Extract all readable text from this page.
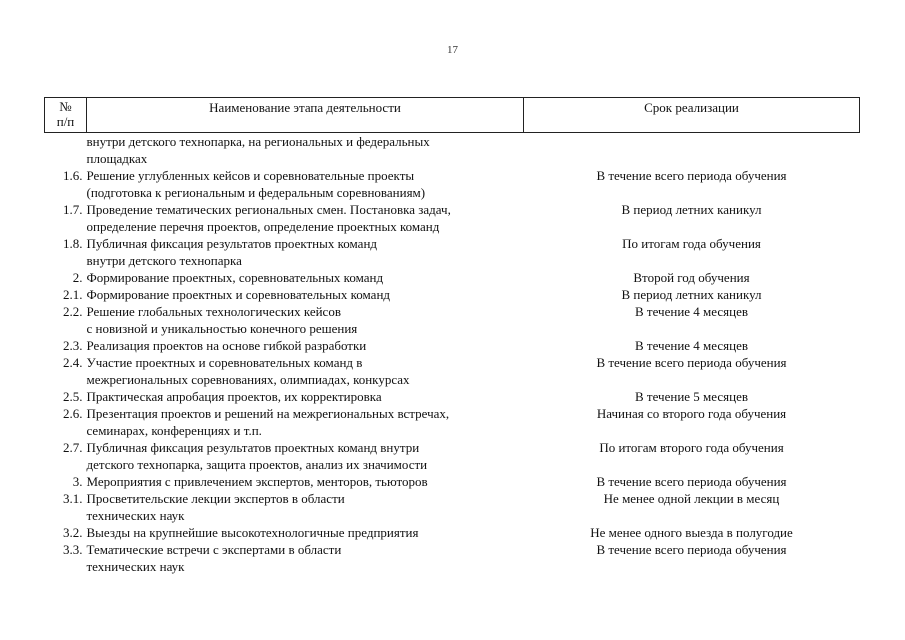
17
№
п/п	Наименование этапа деятельности	Срок реализации
	внутри детского технопарка, на региональных и федеральных
площадках	
1.6.	Решение углубленных кейсов и соревновательные проекты
(подготовка к региональным и федеральным соревнованиям)	В течение всего периода обучения
1.7.	Проведение тематических региональных смен. Постановка задач,
определение перечня проектов, определение проектных команд	В период летних каникул
1.8.	Публичная фиксация результатов проектных команд
внутри детского технопарка	По итогам года обучения
2.	Формирование проектных, соревновательных команд	Второй год обучения
2.1.	Формирование проектных и соревновательных команд	В период летних каникул
2.2.	Решение глобальных технологических кейсов
с новизной и уникальностью конечного решения	В течение 4 месяцев
2.3.	Реализация проектов на основе гибкой разработки	В течение 4 месяцев
2.4.	Участие проектных и соревновательных команд в
межрегиональных соревнованиях, олимпиадах, конкурсах	В течение всего периода обучения
2.5.	Практическая апробация проектов, их корректировка	В течение 5 месяцев
2.6.	Презентация проектов и решений на межрегиональных встречах,
семинарах, конференциях и т.п.	Начиная со второго года обучения
2.7.	Публичная фиксация результатов проектных команд внутри
детского технопарка, защита проектов, анализ их значимости	По итогам второго года обучения
3.	Мероприятия с привлечением экспертов, менторов, тьюторов	В течение всего периода обучения
3.1.	Просветительские лекции экспертов в области
технических наук	Не менее одной лекции в месяц
3.2.	Выезды на крупнейшие высокотехнологичные предприятия	Не менее одного выезда в полугодие
3.3.	Тематические встречи с экспертами в области
технических наук	В течение всего периода обучения
